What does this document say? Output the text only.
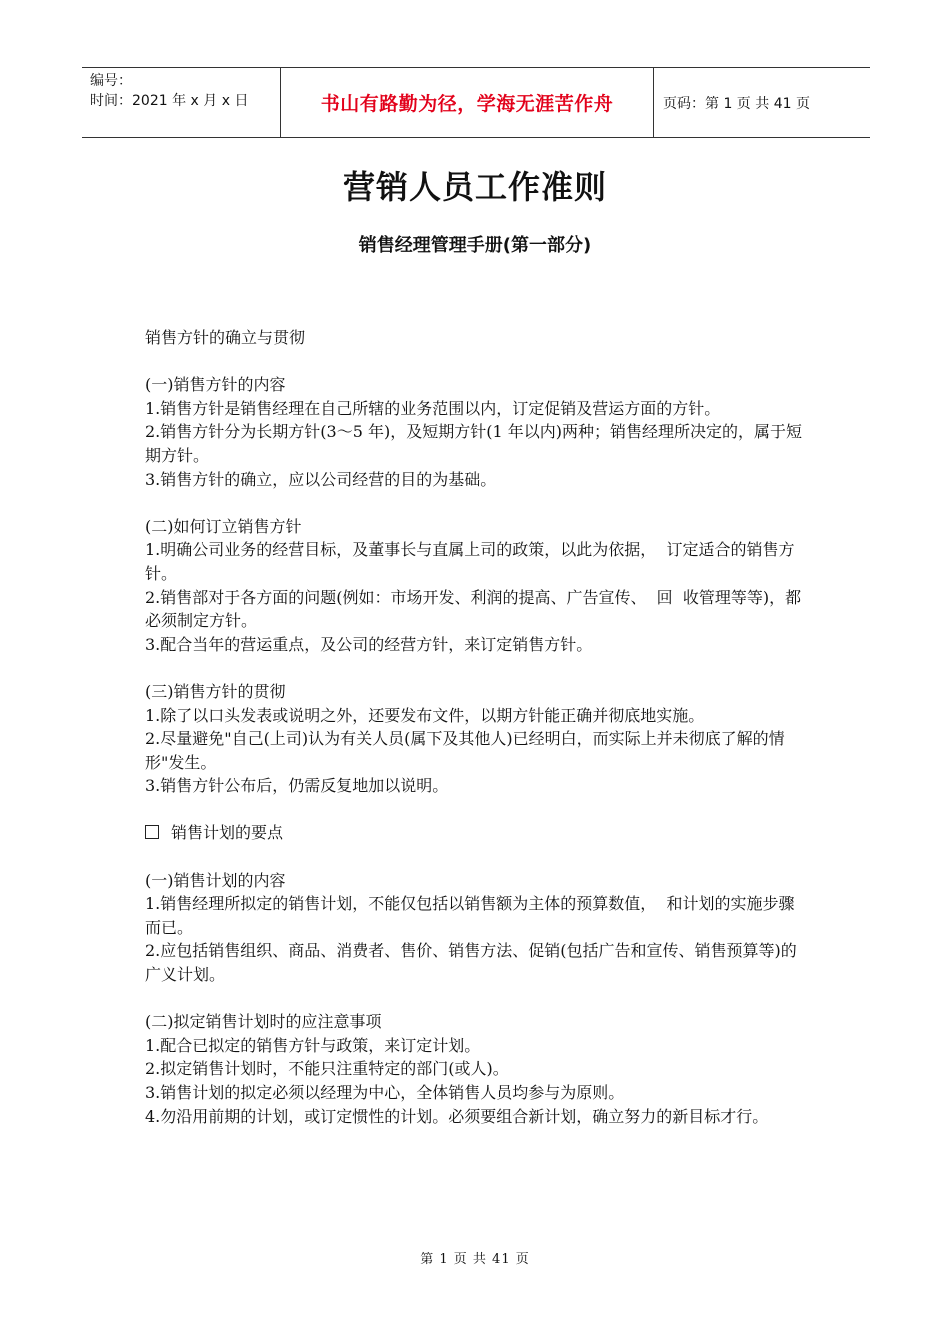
编号：
时间：2021 年 x 月 x 日	书山有路勤为径，学海无涯苦作舟	页码：第 1 页 共 41 页
营销人员工作准则
销售经理管理手册(第一部分)

销售方针的确立与贯彻

(一)销售方针的内容

1.销售方针是销售经理在自己所辖的业务范围以内，订定促销及营运方面的方针。

2.销售方针分为长期方针(3～5 年)，及短期方针(1 年以内)两种；销售经理所决定的，属于短期方针。

3.销售方针的确立，应以公司经营的目的为基础。

(二)如何订立销售方针

1.明确公司业务的经营目标，及董事长与直属上司的政策，以此为依据，  订定适合的销售方针。

2.销售部对于各方面的问题(例如：市场开发、利润的提高、广告宣传、  回  收管理等等)，都必须制定方针。

3.配合当年的营运重点，及公司的经营方针，来订定销售方针。

(三)销售方针的贯彻

1.除了以口头发表或说明之外，还要发布文件，以期方针能正确并彻底地实施。

2.尽量避免"自己(上司)认为有关人员(属下及其他人)已经明白，而实际上并未彻底了解的情形"发生。

3.销售方针公布后，仍需反复地加以说明。

销售计划的要点

(一)销售计划的内容

1.销售经理所拟定的销售计划，不能仅包括以销售额为主体的预算数值，  和计划的实施步骤而已。

2.应包括销售组织、商品、消费者、售价、销售方法、促销(包括广告和宣传、销售预算等)的广义计划。

(二)拟定销售计划时的应注意事项

1.配合已拟定的销售方针与政策，来订定计划。

2.拟定销售计划时，不能只注重特定的部门(或人)。

3.销售计划的拟定必须以经理为中心，全体销售人员均参与为原则。

4.勿沿用前期的计划，或订定惯性的计划。必须要组合新计划，确立努力的新目标才行。

第 1 页 共 41 页
